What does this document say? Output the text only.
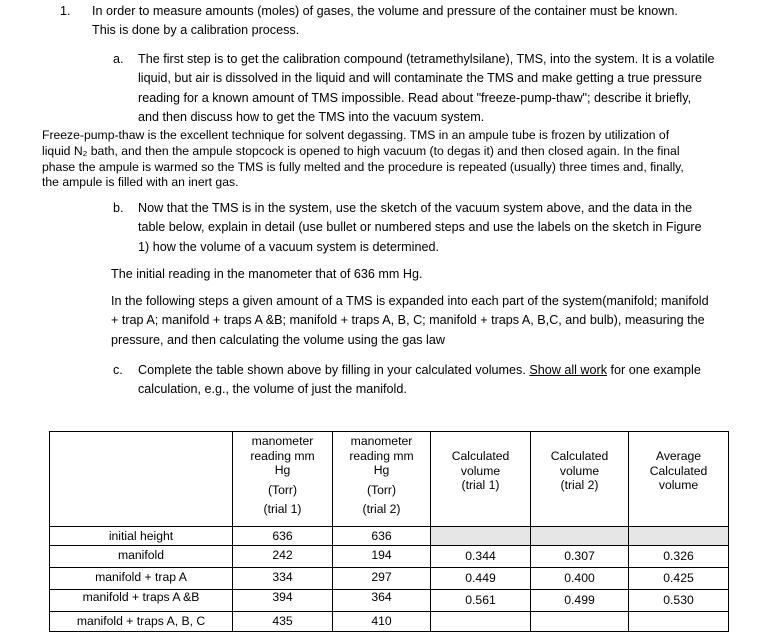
1. In order to measure amounts (moles) of gases, the volume and pressure of the container must be known.
This is done by a calibration process.
a. The first step is to get the calibration compound (tetramethylsilane), TMS, into the system. It is a volatile
liquid, but air is dissolved in the liquid and will contaminate the TMS and make getting a true pressure
reading for a known amount of TMS impossible. Read about "freeze-pump-thaw"; describe it briefly,
and then discuss how to get the TMS into the vacuum system.
Freeze-pump-thaw is the excellent technique for solvent degassing. TMS in an ampule tube is frozen by utilization of
liquid N₂ bath, and then the ampule stopcock is opened to high vacuum (to degas it) and then closed again. In the final
phase the ampule is warmed so the TMS is fully melted and the procedure is repeated (usually) three times and, finally,
the ampule is filled with an inert gas.
b. Now that the TMS is in the system, use the sketch of the vacuum system above, and the data in the
table below, explain in detail (use bullet or numbered steps and use the labels on the sketch in Figure
1) how the volume of a vacuum system is determined.
The initial reading in the manometer that of 636 mm Hg.
In the following steps a given amount of a TMS is expanded into each part of the system(manifold; manifold
+ trap A; manifold + traps A &B; manifold + traps A, B, C; manifold + traps A, B,C, and bulb), measuring the
pressure, and then calculating the volume using the gas law
c. Complete the table shown above by filling in your calculated volumes. Show all work for one example
calculation, e.g., the volume of just the manifold.

	manometer
reading mm
Hg
(Torr)
(trial 1)	manometer
reading mm
Hg
(Torr)
(trial 2)	Calculated
volume
(trial 1)	Calculated
volume
(trial 2)	Average
Calculated
volume

initial height	636	636			
manifold	242	194	0.344	0.307	0.326
manifold + trap A	334	297	0.449	0.400	0.425
manifold + traps A &B	394	364	0.561	0.499	0.530
manifold + traps A, B, C	435	410			
